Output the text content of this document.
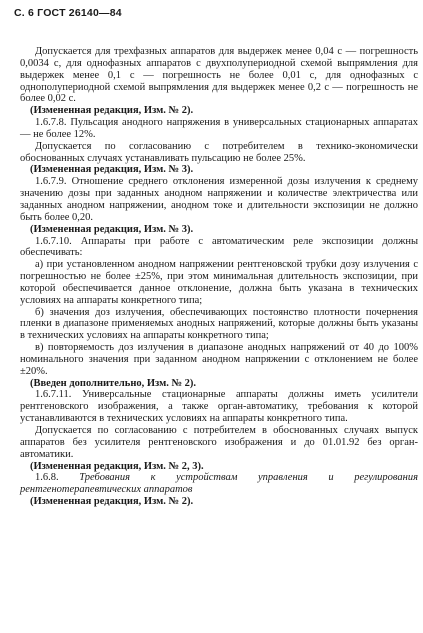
С. 6 ГОСТ 26140—84

Допускается для трехфазных аппаратов для выдержек менее 0,04 с — погрешность 0,0034 с, для однофазных аппаратов с двухполупериодной схемой выпрямления для выдержек менее 0,1 с — погрешность не более 0,01 с, для однофазных с однополупериодной схемой выпрямления для выдержек менее 0,2 с — погрешность не более 0,02 с.

(Измененная редакция, Изм. № 2).

1.6.7.8. Пульсация анодного напряжения в универсальных стационарных аппаратах — не более 12%.

Допускается по согласованию с потребителем в технико-экономически обоснованных случаях устанавливать пульсацию не более 25%.

(Измененная редакция, Изм. № 3).

1.6.7.9. Отношение среднего отклонения измеренной дозы излучения к среднему значению дозы при заданных анодном напряжении и количестве электричества или заданных анодном напряжении, анодном токе и длительности экспозиции не должно быть более 0,20.

(Измененная редакция, Изм. № 3).

1.6.7.10. Аппараты при работе с автоматическим реле экспозиции должны обеспечивать:

а) при установленном анодном напряжении рентгеновской трубки дозу излучения с погрешностью не более ±25%, при этом минимальная длительность экспозиции, при которой обеспечивается данное отклонение, должна быть указана в технических условиях на аппараты конкретного типа;

б) значения доз излучения, обеспечивающих постоянство плотности почернения пленки в диапазоне применяемых анодных напряжений, которые должны быть указаны в технических условиях на аппараты конкретного типа;

в) повторяемость доз излучения в диапазоне анодных напряжений от 40 до 100% номинального значения при заданном анодном напряжении с отклонением не более ±20%.

(Введен дополнительно, Изм. № 2).

1.6.7.11. Универсальные стационарные аппараты должны иметь усилители рентгеновского изображения, а также орган-автоматику, требования к которой устанавливаются в технических условиях на аппараты конкретного типа.

Допускается по согласованию с потребителем в обоснованных случаях выпуск аппаратов без усилителя рентгеновского изображения и до 01.01.92 без орган-автоматики.

(Измененная редакция, Изм. № 2, 3).

1.6.8. Требования к устройствам управления и регулирования рентгенотерапевтических аппаратов

(Измененная редакция, Изм. № 2).
